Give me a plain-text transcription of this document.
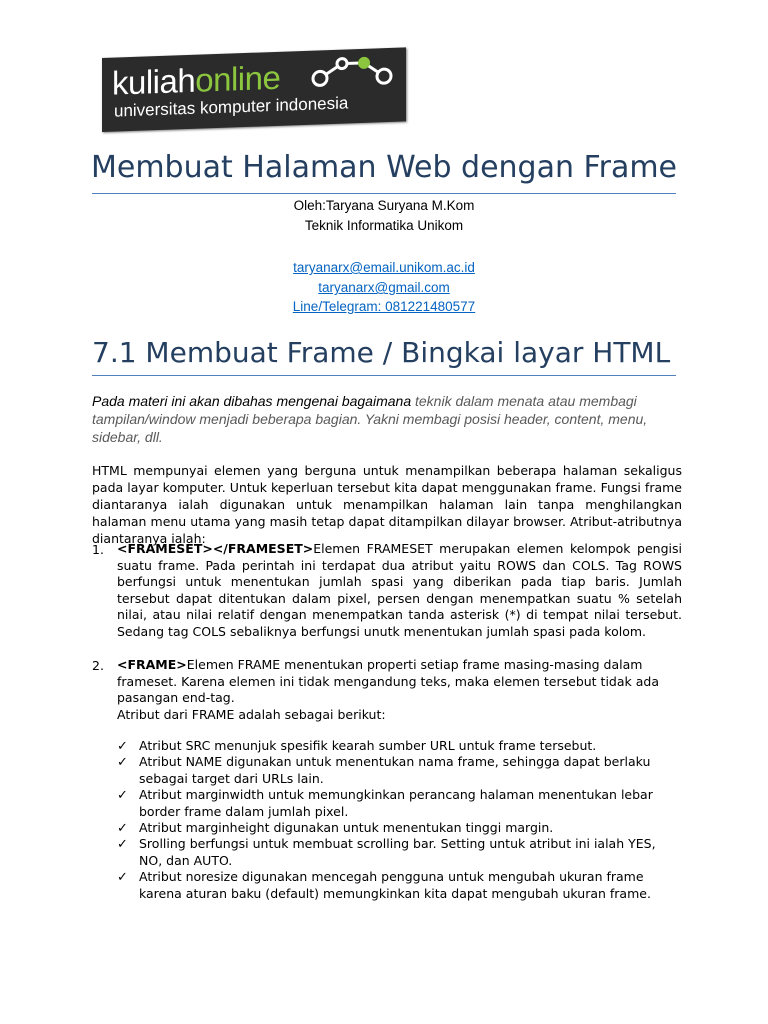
kuliahonline
universitas komputer indonesia
Membuat Halaman Web dengan Frame
Oleh:Taryana Suryana M.Kom
Teknik Informatika Unikom
taryanarx@email.unikom.ac.id
taryanarx@gmail.com
Line/Telegram: 081221480577
7.1 Membuat Frame / Bingkai layar HTML
Pada materi ini akan dibahas mengenai bagaimana teknik dalam menata atau membagi tampilan/window menjadi beberapa bagian. Yakni membagi posisi header, content, menu, sidebar, dll.
HTML mempunyai elemen yang berguna untuk menampilkan beberapa halaman sekaligus pada layar komputer. Untuk keperluan tersebut kita dapat menggunakan frame. Fungsi frame diantaranya ialah digunakan untuk menampilkan halaman lain tanpa menghilangkan halaman menu utama yang masih tetap dapat ditampilkan dilayar browser. Atribut-atributnya diantaranya ialah:
1. <FRAMESET></FRAMESET>Elemen FRAMESET merupakan elemen kelompok pengisi suatu frame. Pada perintah ini terdapat dua atribut yaitu ROWS dan COLS. Tag ROWS berfungsi untuk menentukan jumlah spasi yang diberikan pada tiap baris. Jumlah tersebut dapat ditentukan dalam pixel, persen dengan menempatkan suatu % setelah nilai, atau nilai relatif dengan menempatkan tanda asterisk (*) di tempat nilai tersebut. Sedang tag COLS sebaliknya berfungsi unutk menentukan jumlah spasi pada kolom.
2. <FRAME>Elemen FRAME menentukan properti setiap frame masing-masing dalam frameset. Karena elemen ini tidak mengandung teks, maka elemen tersebut tidak ada pasangan end-tag.
Atribut dari FRAME adalah sebagai berikut:
✓ Atribut SRC menunjuk spesifik kearah sumber URL untuk frame tersebut.
✓ Atribut NAME digunakan untuk menentukan nama frame, sehingga dapat berlaku sebagai target dari URLs lain.
✓ Atribut marginwidth untuk memungkinkan perancang halaman menentukan lebar border frame dalam jumlah pixel.
✓ Atribut marginheight digunakan untuk menentukan tinggi margin.
✓ Srolling berfungsi untuk membuat scrolling bar. Setting untuk atribut ini ialah YES, NO, dan AUTO.
✓ Atribut noresize digunakan mencegah pengguna untuk mengubah ukuran frame karena aturan baku (default) memungkinkan kita dapat mengubah ukuran frame.
